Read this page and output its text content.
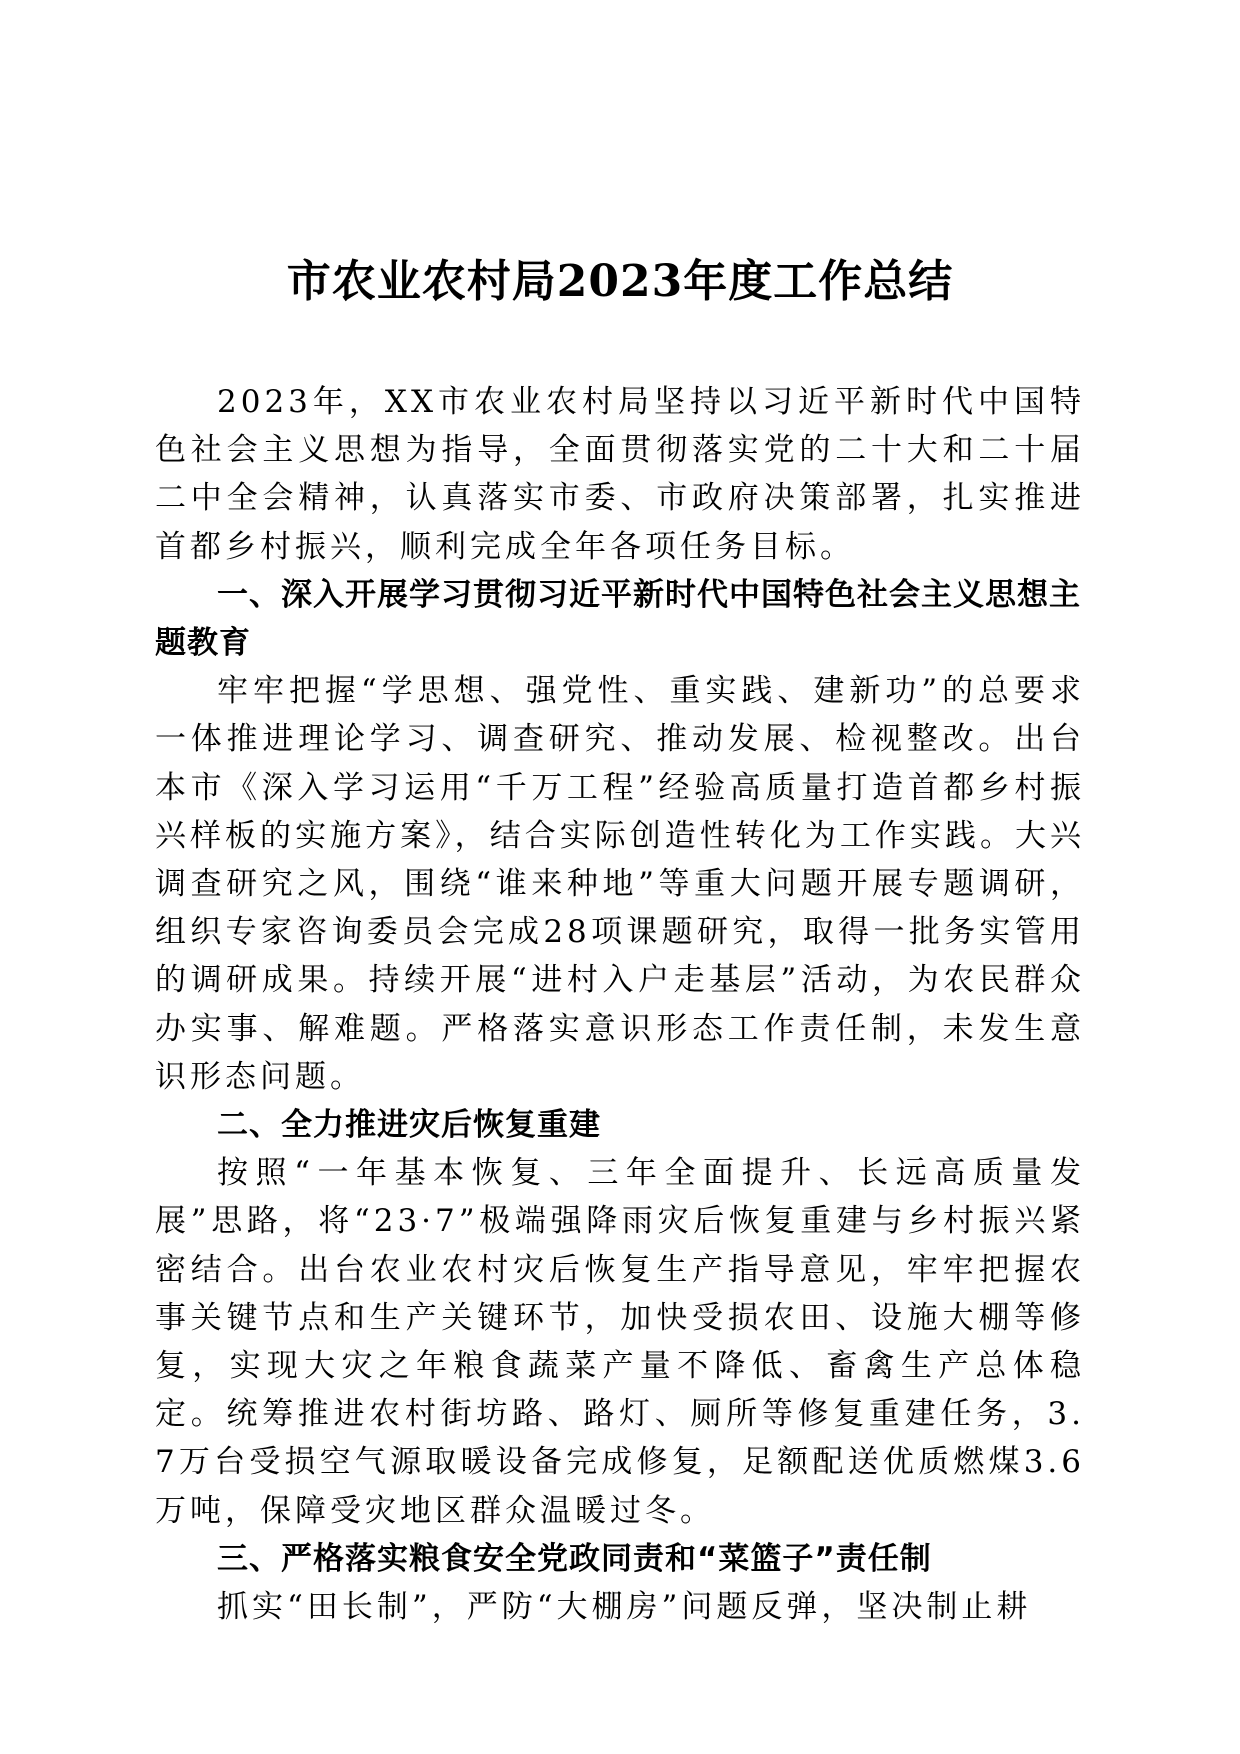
市农业农村局2023年度工作总结

2023年，XX市农业农村局坚持以习近平新时代中国特色社会主义思想为指导，全面贯彻落实党的二十大和二十届二中全会精神，认真落实市委、市政府决策部署，扎实推进首都乡村振兴，顺利完成全年各项任务目标。

一、深入开展学习贯彻习近平新时代中国特色社会主义思想主题教育

牢牢把握“学思想、强党性、重实践、建新功”的总要求一体推进理论学习、调查研究、推动发展、检视整改。出台本市《深入学习运用“千万工程”经验高质量打造首都乡村振兴样板的实施方案》，结合实际创造性转化为工作实践。大兴调查研究之风，围绕“谁来种地”等重大问题开展专题调研，组织专家咨询委员会完成28项课题研究，取得一批务实管用的调研成果。持续开展“进村入户走基层”活动，为农民群众办实事、解难题。严格落实意识形态工作责任制，未发生意识形态问题。

二、全力推进灾后恢复重建

按照“一年基本恢复、三年全面提升、长远高质量发展”思路，将“23·7”极端强降雨灾后恢复重建与乡村振兴紧密结合。出台农业农村灾后恢复生产指导意见，牢牢把握农事关键节点和生产关键环节，加快受损农田、设施大棚等修复，实现大灾之年粮食蔬菜产量不降低、畜禽生产总体稳定。统筹推进农村街坊路、路灯、厕所等修复重建任务，3.7万台受损空气源取暖设备完成修复，足额配送优质燃煤3.6万吨，保障受灾地区群众温暖过冬。

三、严格落实粮食安全党政同责和“菜篮子”责任制

抓实“田长制”，严防“大棚房”问题反弹，坚决制止耕
